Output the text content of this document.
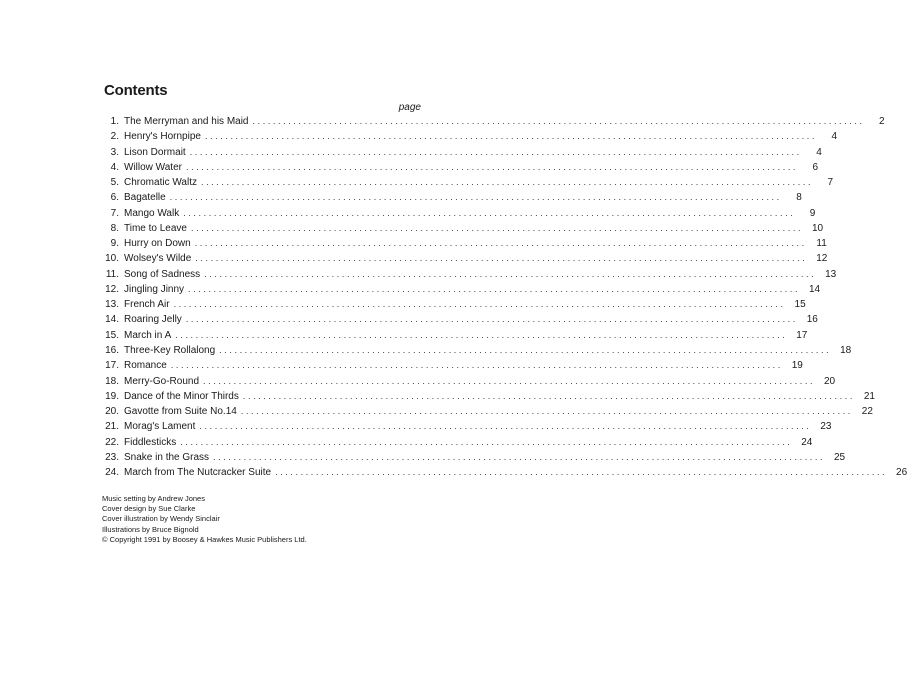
Contents
page
1. The Merryman and his Maid ........................................................................................................................	2
2. Henry's Hornpipe ........................................................................................................................	4
3. Lison Dormait ........................................................................................................................	4
4. Willow Water ........................................................................................................................	6
5. Chromatic Waltz ........................................................................................................................	7
6. Bagatelle ........................................................................................................................	8
7. Mango Walk ........................................................................................................................	9
8. Time to Leave ........................................................................................................................ 10
9. Hurry on Down ........................................................................................................................ 11
10. Wolsey's Wilde ........................................................................................................................ 12
11. Song of Sadness ........................................................................................................................ 13
12. Jingling Jinny ........................................................................................................................ 14
13. French Air ........................................................................................................................ 15
14. Roaring Jelly ........................................................................................................................ 16
15. March in A ........................................................................................................................ 17
16. Three-Key Rollalong ........................................................................................................................ 18
17. Romance ........................................................................................................................ 19
18. Merry-Go-Round ........................................................................................................................ 20
19. Dance of the Minor Thirds ........................................................................................................................ 21
20. Gavotte from Suite No.14 ........................................................................................................................ 22
21. Morag's Lament ........................................................................................................................ 23
22. Fiddlesticks ........................................................................................................................ 24
23. Snake in the Grass ........................................................................................................................ 25
24. March from The Nutcracker Suite ........................................................................................................................ 26
Music setting by Andrew Jones
Cover design by Sue Clarke
Cover illustration by Wendy Sinclair
Illustrations by Bruce Bignold
© Copyright 1991 by Boosey & Hawkes Music Publishers Ltd.
